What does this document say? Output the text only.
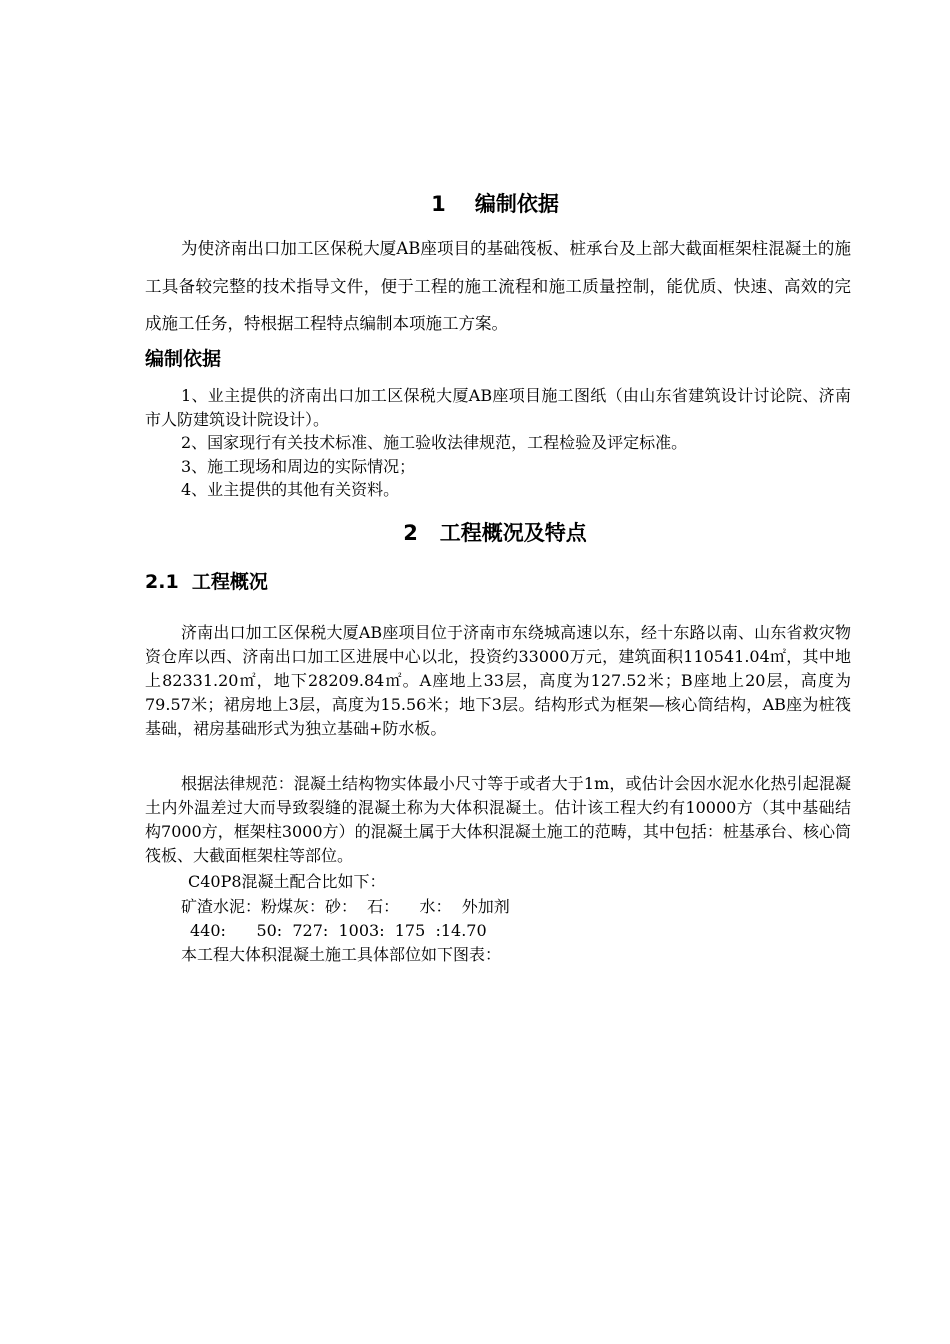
1    编制依据

为使济南出口加工区保税大厦AB座项目的基础筏板、桩承台及上部大截面框架柱混凝土的施工具备较完整的技术指导文件，便于工程的施工流程和施工质量控制，能优质、快速、高效的完成施工任务，特根据工程特点编制本项施工方案。

编制依据
1、业主提供的济南出口加工区保税大厦AB座项目施工图纸（由山东省建筑设计讨论院、济南市人防建筑设计院设计）。
2、国家现行有关技术标准、施工验收法律规范，工程检验及评定标准。
3、施工现场和周边的实际情况；
4、业主提供的其他有关资料。
2   工程概况及特点
2.1  工程概况

济南出口加工区保税大厦AB座项目位于济南市东绕城高速以东，经十东路以南、山东省救灾物资仓库以西、济南出口加工区进展中心以北，投资约33000万元，建筑面积110541.04㎡，其中地上82331.20㎡，地下28209.84㎡。A座地上33层，高度为127.52米；B座地上20层，高度为79.57米；裙房地上3层，高度为15.56米；地下3层。结构形式为框架—核心筒结构，AB座为桩筏基础，裙房基础形式为独立基础+防水板。

根据法律规范：混凝土结构物实体最小尺寸等于或者大于1m，或估计会因水泥水化热引起混凝土内外温差过大而导致裂缝的混凝土称为大体积混凝土。估计该工程大约有10000方（其中基础结构7000方，框架柱3000方）的混凝土属于大体积混凝土施工的范畴，其中包括：桩基承台、核心筒筏板、大截面框架柱等部位。

C40P8混凝土配合比如下：
矿渣水泥：粉煤灰：砂：  石：    水：  外加剂
440:      50:  727:  1003:  175  :14.70
本工程大体积混凝土施工具体部位如下图表：
